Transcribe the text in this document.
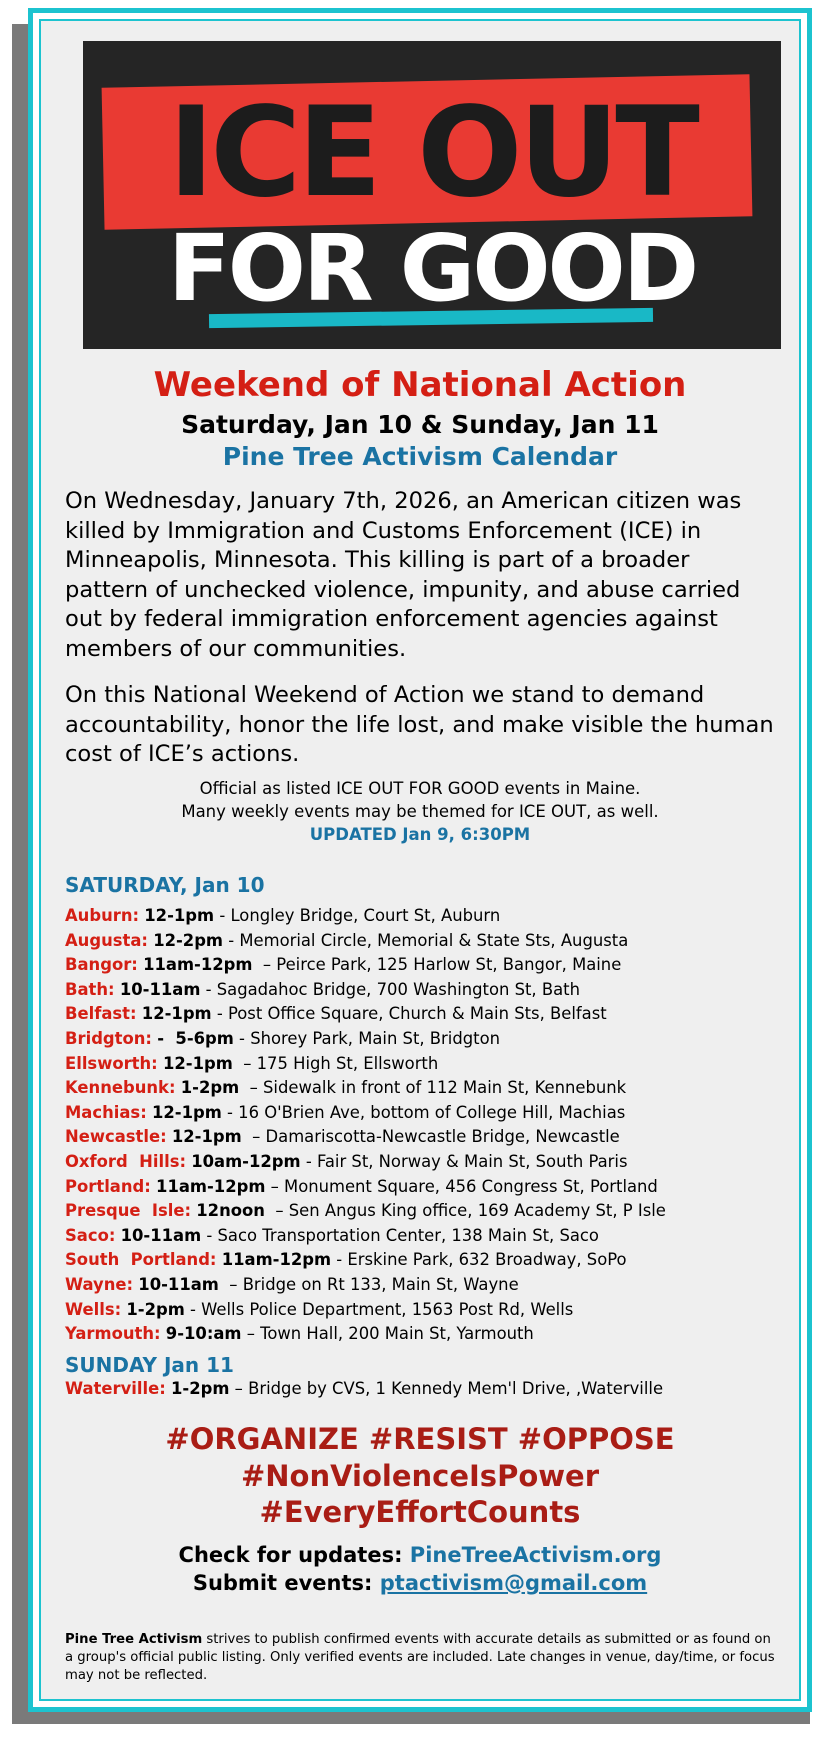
ICE OUT
FOR GOOD
Weekend of National Action
Saturday, Jan 10 & Sunday, Jan 11
Pine Tree Activism Calendar
On Wednesday, January 7th, 2026, an American citizen was killed by Immigration and Customs Enforcement (ICE) in Minneapolis, Minnesota. This killing is part of a broader pattern of unchecked violence, impunity, and abuse carried out by federal immigration enforcement agencies against members of our communities.
On this National Weekend of Action we stand to demand accountability, honor the life lost, and make visible the human cost of ICE’s actions.
Official as listed ICE OUT FOR GOOD events in Maine.
Many weekly events may be themed for ICE OUT, as well.
UPDATED Jan 9, 6:30PM
SATURDAY, Jan 10
Auburn: 12-1pm - Longley Bridge, Court St, Auburn
Augusta: 12-2pm - Memorial Circle, Memorial & State Sts, Augusta
Bangor: 11am-12pm  – Peirce Park, 125 Harlow St, Bangor, Maine
Bath: 10-11am - Sagadahoc Bridge, 700 Washington St, Bath
Belfast: 12-1pm - Post Office Square, Church & Main Sts, Belfast
Bridgton: -  5-6pm - Shorey Park, Main St, Bridgton
Ellsworth: 12-1pm  – 175 High St, Ellsworth
Kennebunk: 1-2pm  – Sidewalk in front of 112 Main St, Kennebunk
Machias: 12-1pm - 16 O'Brien Ave, bottom of College Hill, Machias
Newcastle: 12-1pm  – Damariscotta-Newcastle Bridge, Newcastle
Oxford  Hills: 10am-12pm - Fair St, Norway & Main St, South Paris
Portland: 11am-12pm – Monument Square, 456 Congress St, Portland
Presque  Isle: 12noon  – Sen Angus King office, 169 Academy St, P Isle
Saco: 10-11am - Saco Transportation Center, 138 Main St, Saco
South  Portland: 11am-12pm - Erskine Park, 632 Broadway, SoPo
Wayne: 10-11am  – Bridge on Rt 133, Main St, Wayne
Wells: 1-2pm - Wells Police Department, 1563 Post Rd, Wells
Yarmouth: 9-10:am – Town Hall, 200 Main St, Yarmouth
SUNDAY Jan 11
Waterville: 1-2pm – Bridge by CVS, 1 Kennedy Mem'l Drive, ,Waterville
#ORGANIZE #RESIST #OPPOSE
#NonViolenceIsPower
#EveryEffortCounts
Check for updates: PineTreeActivism.org
Submit events: ptactivism@gmail.com
Pine Tree Activism strives to publish confirmed events with accurate details as submitted or as found on a group's official public listing. Only verified events are included. Late changes in venue, day/time, or focus may not be reflected.
